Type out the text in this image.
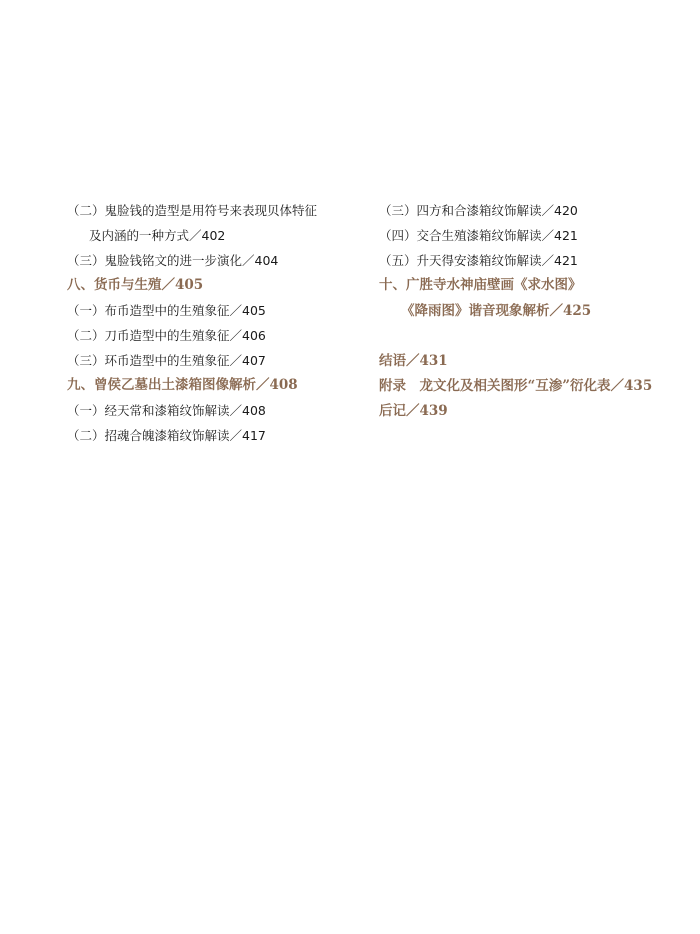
（二）鬼脸钱的造型是用符号来表现贝体特征
及内涵的一种方式／402
（三）鬼脸钱铭文的进一步演化／404
八、货币与生殖／405
（一）布币造型中的生殖象征／405
（二）刀币造型中的生殖象征／406
（三）环币造型中的生殖象征／407
九、曾侯乙墓出土漆箱图像解析／408
（一）经天常和漆箱纹饰解读／408
（二）招魂合魄漆箱纹饰解读／417
（三）四方和合漆箱纹饰解读／420
（四）交合生殖漆箱纹饰解读／421
（五）升天得安漆箱纹饰解读／421
十、广胜寺水神庙壁画《求水图》
《降雨图》谐音现象解析／425
结语／431
附录　龙文化及相关图形“互渗”衍化表／435
后记／439
